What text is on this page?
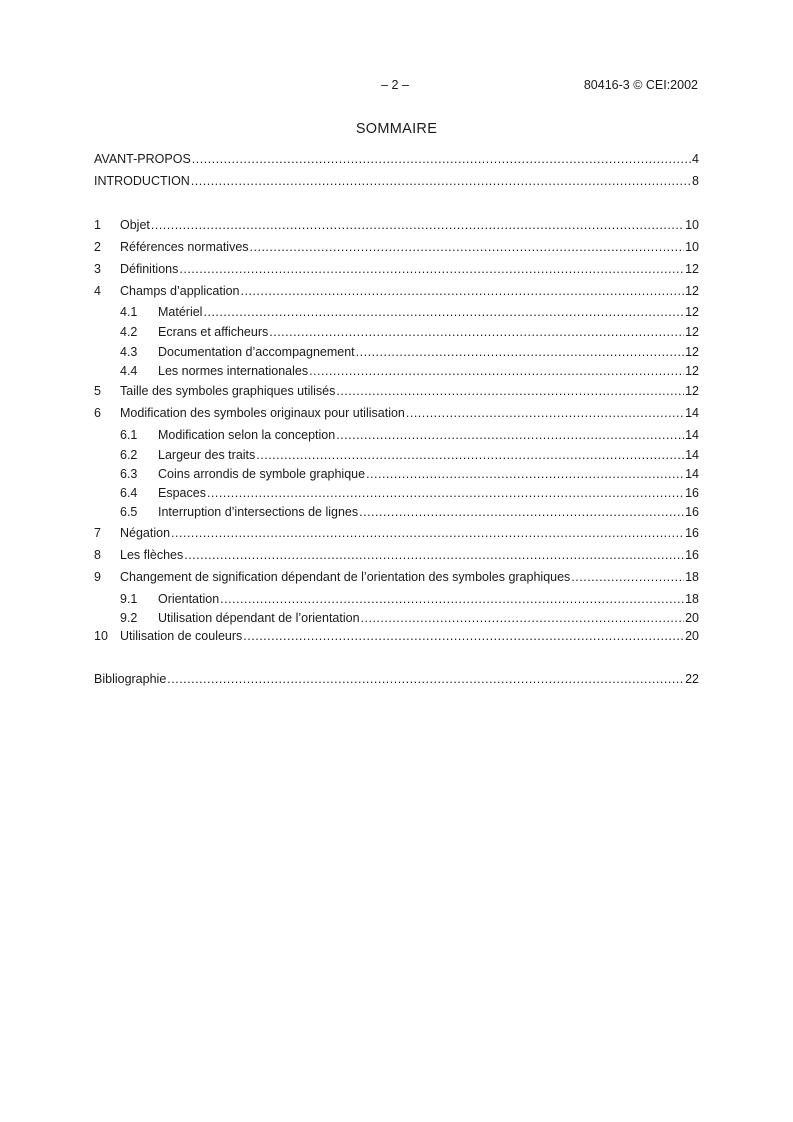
– 2 –	80416-3 © CEI:2002
SOMMAIRE
AVANT-PROPOS .....	4
INTRODUCTION .....	8
1	Objet .....	10
2	Références normatives .....	10
3	Définitions .....	12
4	Champs d’application .....	12
4.1	Matériel .....	12
4.2	Ecrans et afficheurs .....	12
4.3	Documentation d’accompagnement .....	12
4.4	Les normes internationales .....	12
5	Taille des symboles graphiques utilisés .....	12
6	Modification des symboles originaux pour utilisation .....	14
6.1	Modification selon la conception .....	14
6.2	Largeur des traits .....	14
6.3	Coins arrondis de symbole graphique .....	14
6.4	Espaces .....	16
6.5	Interruption d’intersections de lignes .....	16
7	Négation .....	16
8	Les flèches .....	16
9	Changement de signification dépendant de l’orientation des symboles graphiques .....	18
9.1	Orientation .....	18
9.2	Utilisation dépendant de l’orientation .....	20
10 Utilisation de couleurs .....	20
Bibliographie .....	22
